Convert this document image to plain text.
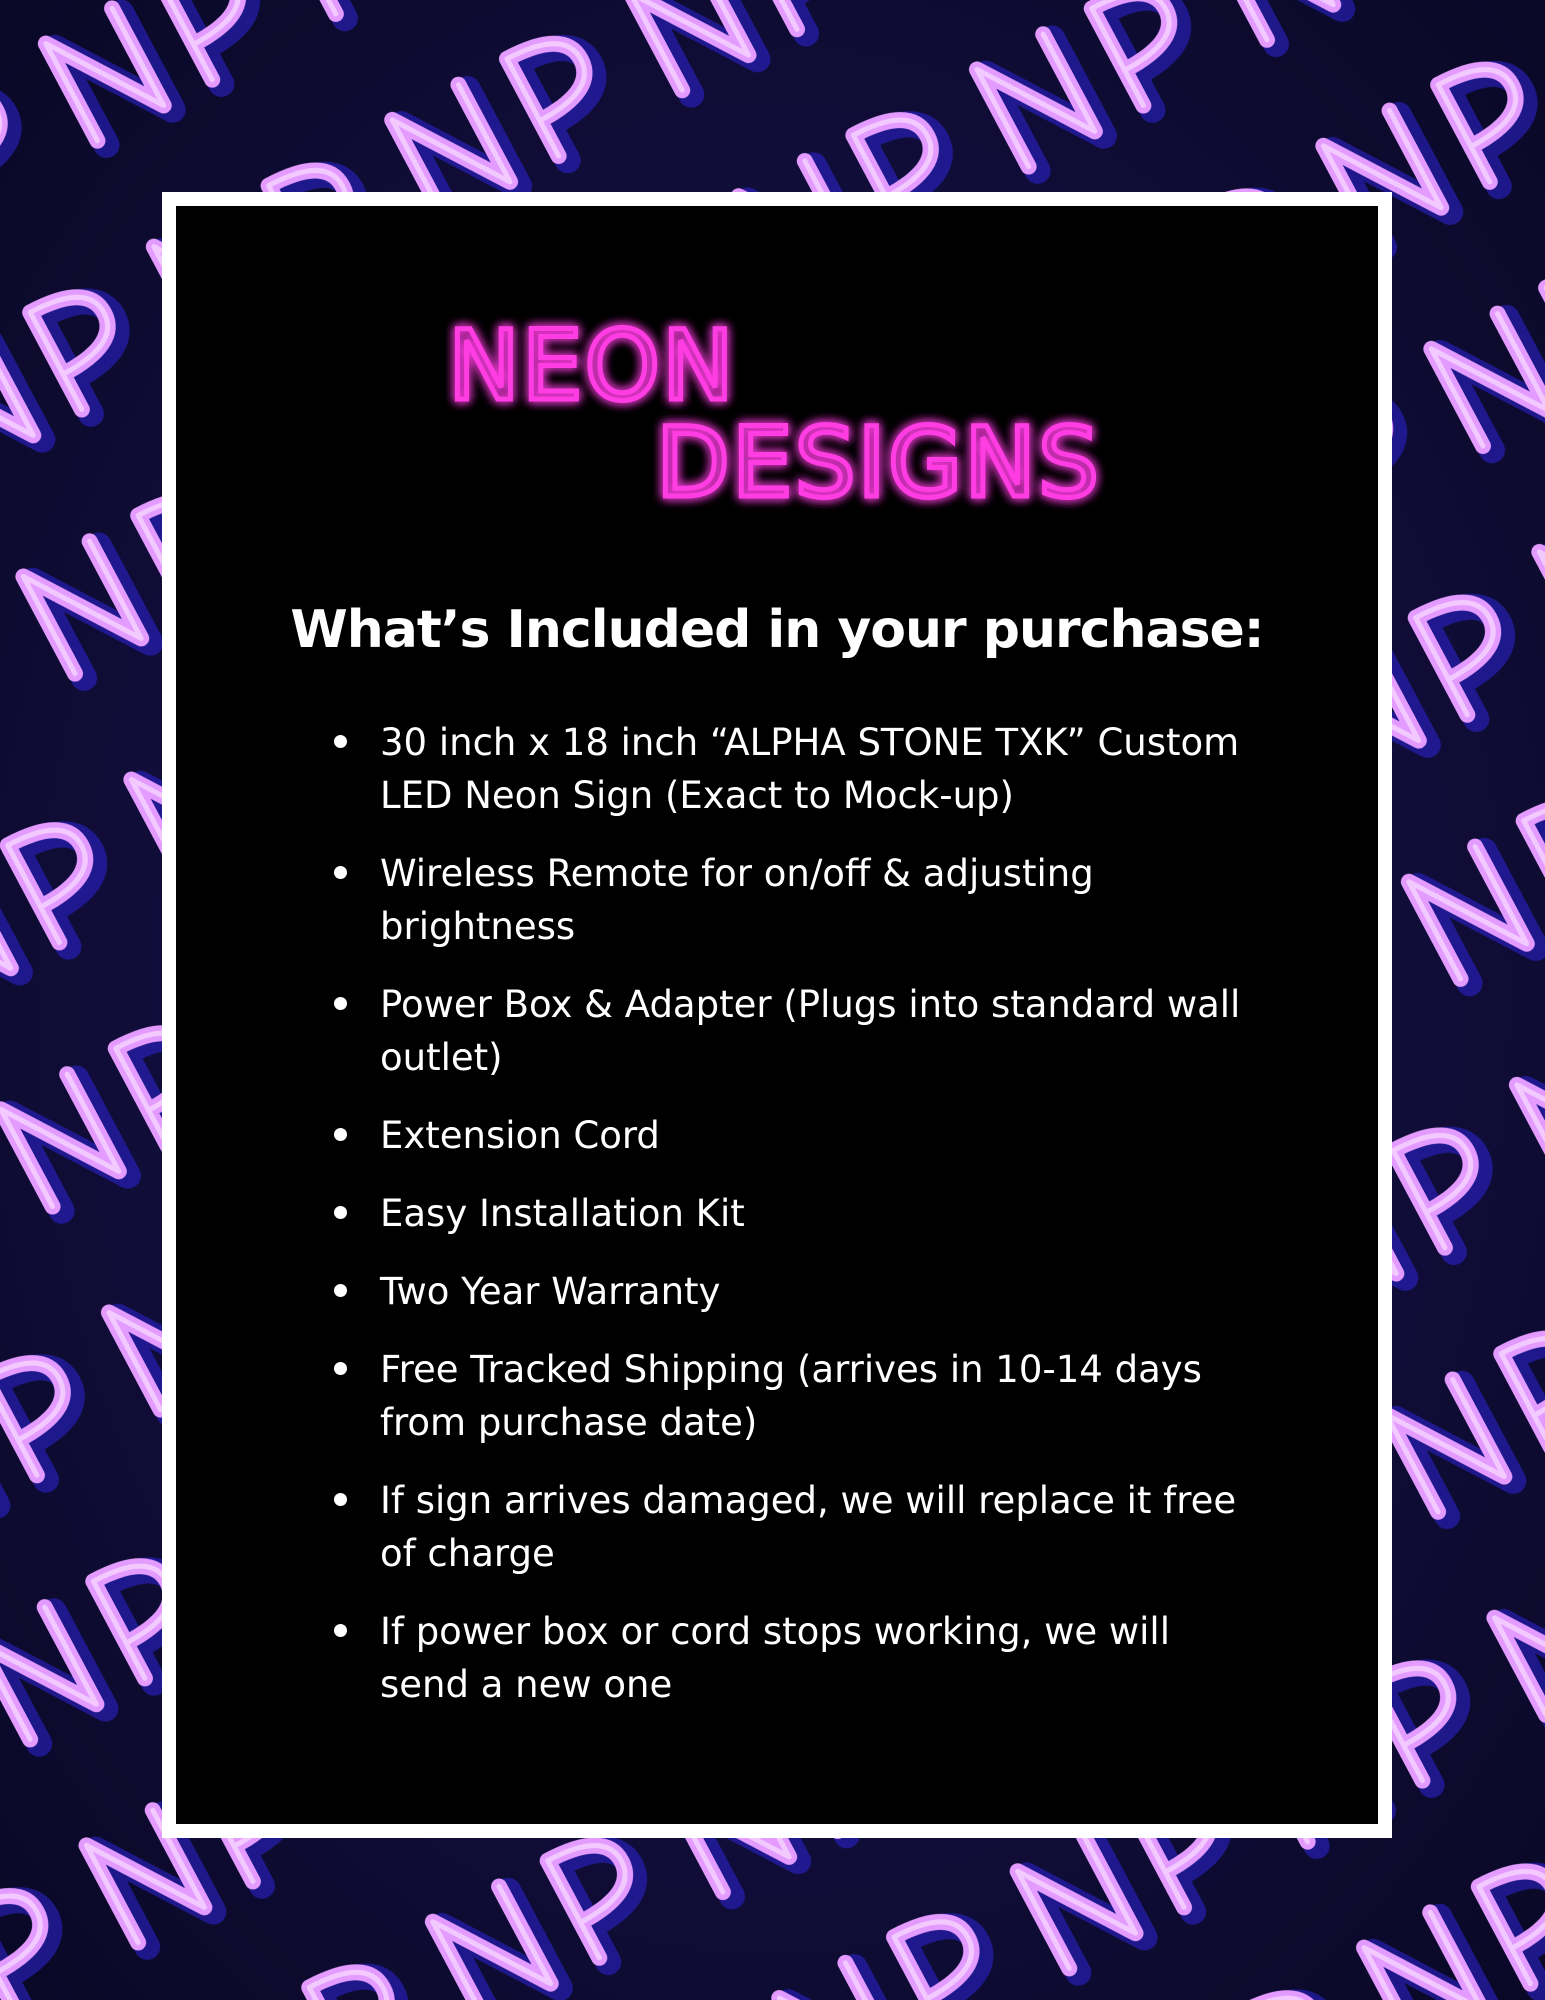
NEON
DESIGNS
What’s Included in your purchase:
30 inch x 18 inch “ALPHA STONE TXK” Custom LED Neon Sign (Exact to Mock-up)
Wireless Remote for on/off & adjusting brightness
Power Box & Adapter (Plugs into standard wall outlet)
Extension Cord
Easy Installation Kit
Two Year Warranty
Free Tracked Shipping (arrives in 10-14 days from purchase date)
If sign arrives damaged, we will replace it free of charge
If power box or cord stops working, we will send a new one
